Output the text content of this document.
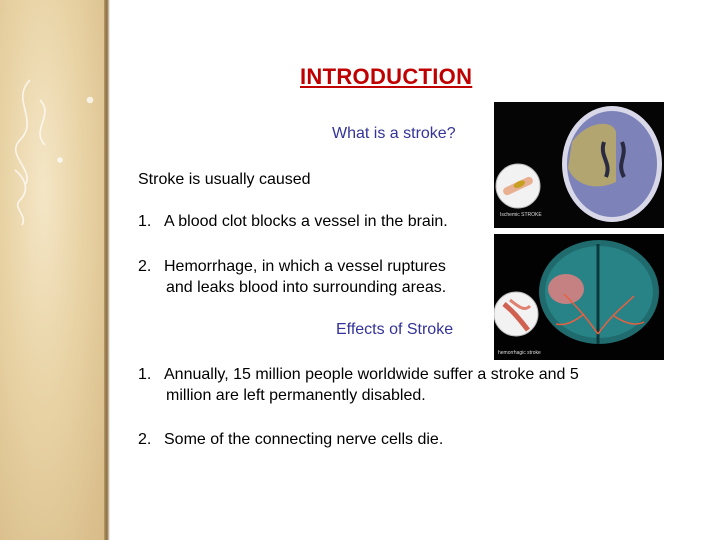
INTRODUCTION
What is a stroke?
Stroke is usually caused
1. A blood clot blocks a vessel in the brain.
2. Hemorrhage, in which a vessel ruptures
and leaks blood into surrounding areas.
Effects of Stroke
1. Annually, 15 million people worldwide suffer a stroke and 5
million are left permanently disabled.
2. Some of the connecting nerve cells die.
Ischemic STROKE
hemorrhagic stroke
